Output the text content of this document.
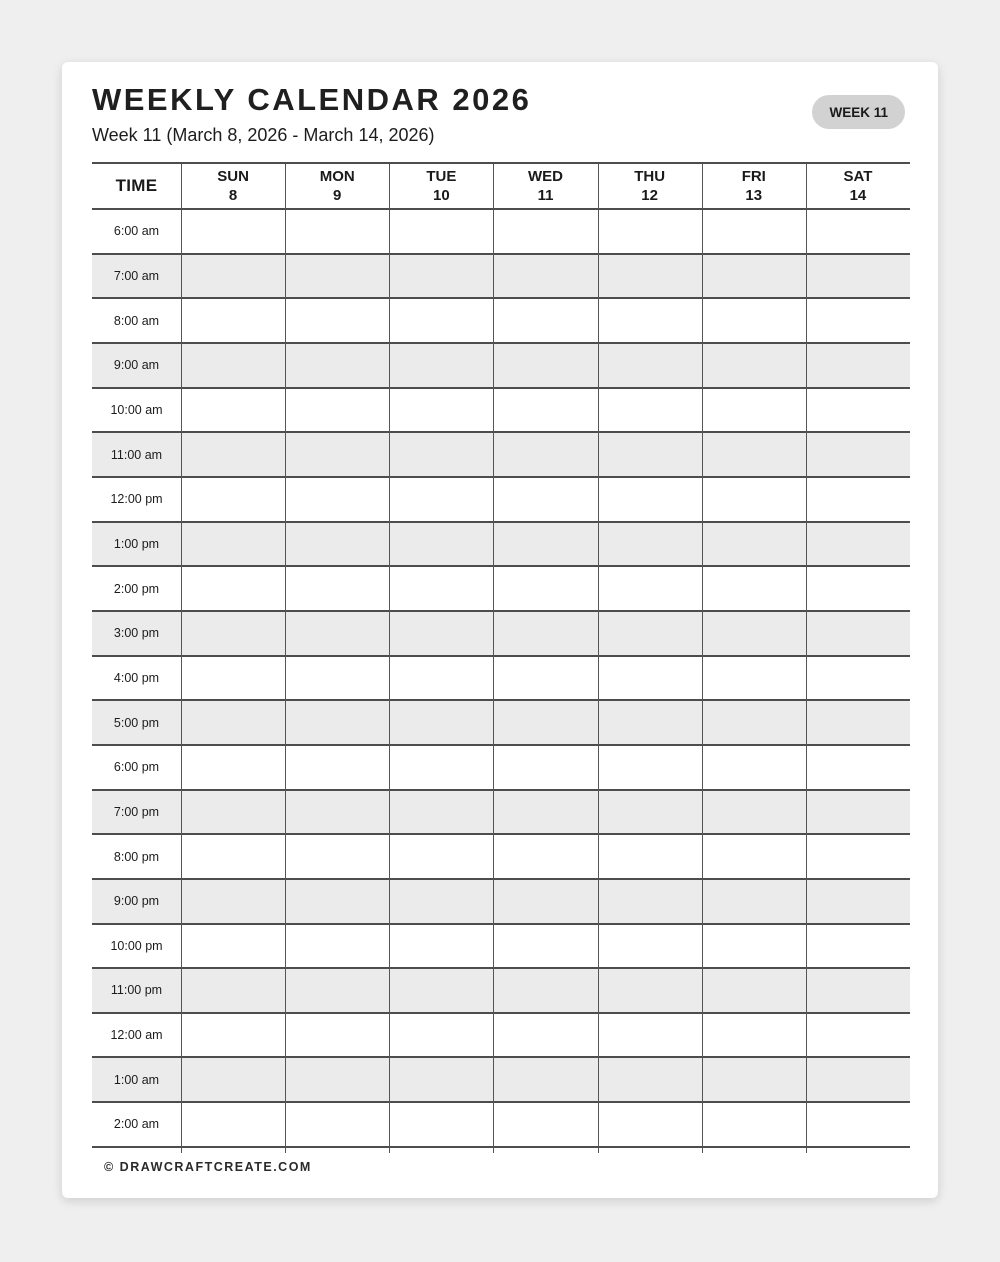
WEEKLY CALENDAR 2026	WEEK 11
Week 11 (March 8, 2026 - March 14, 2026)
TIME	SUN
8
MON
9
TUE
10
WED
11
THU
12
FRI
13
SAT
14
6:00 am
7:00 am
8:00 am
9:00 am
10:00 am
11:00 am
12:00 pm
1:00 pm
2:00 pm
3:00 pm
4:00 pm
5:00 pm
6:00 pm
7:00 pm
8:00 pm
9:00 pm
10:00 pm
11:00 pm
12:00 am
1:00 am
2:00 am
© DRAWCRAFTCREATE.COM
